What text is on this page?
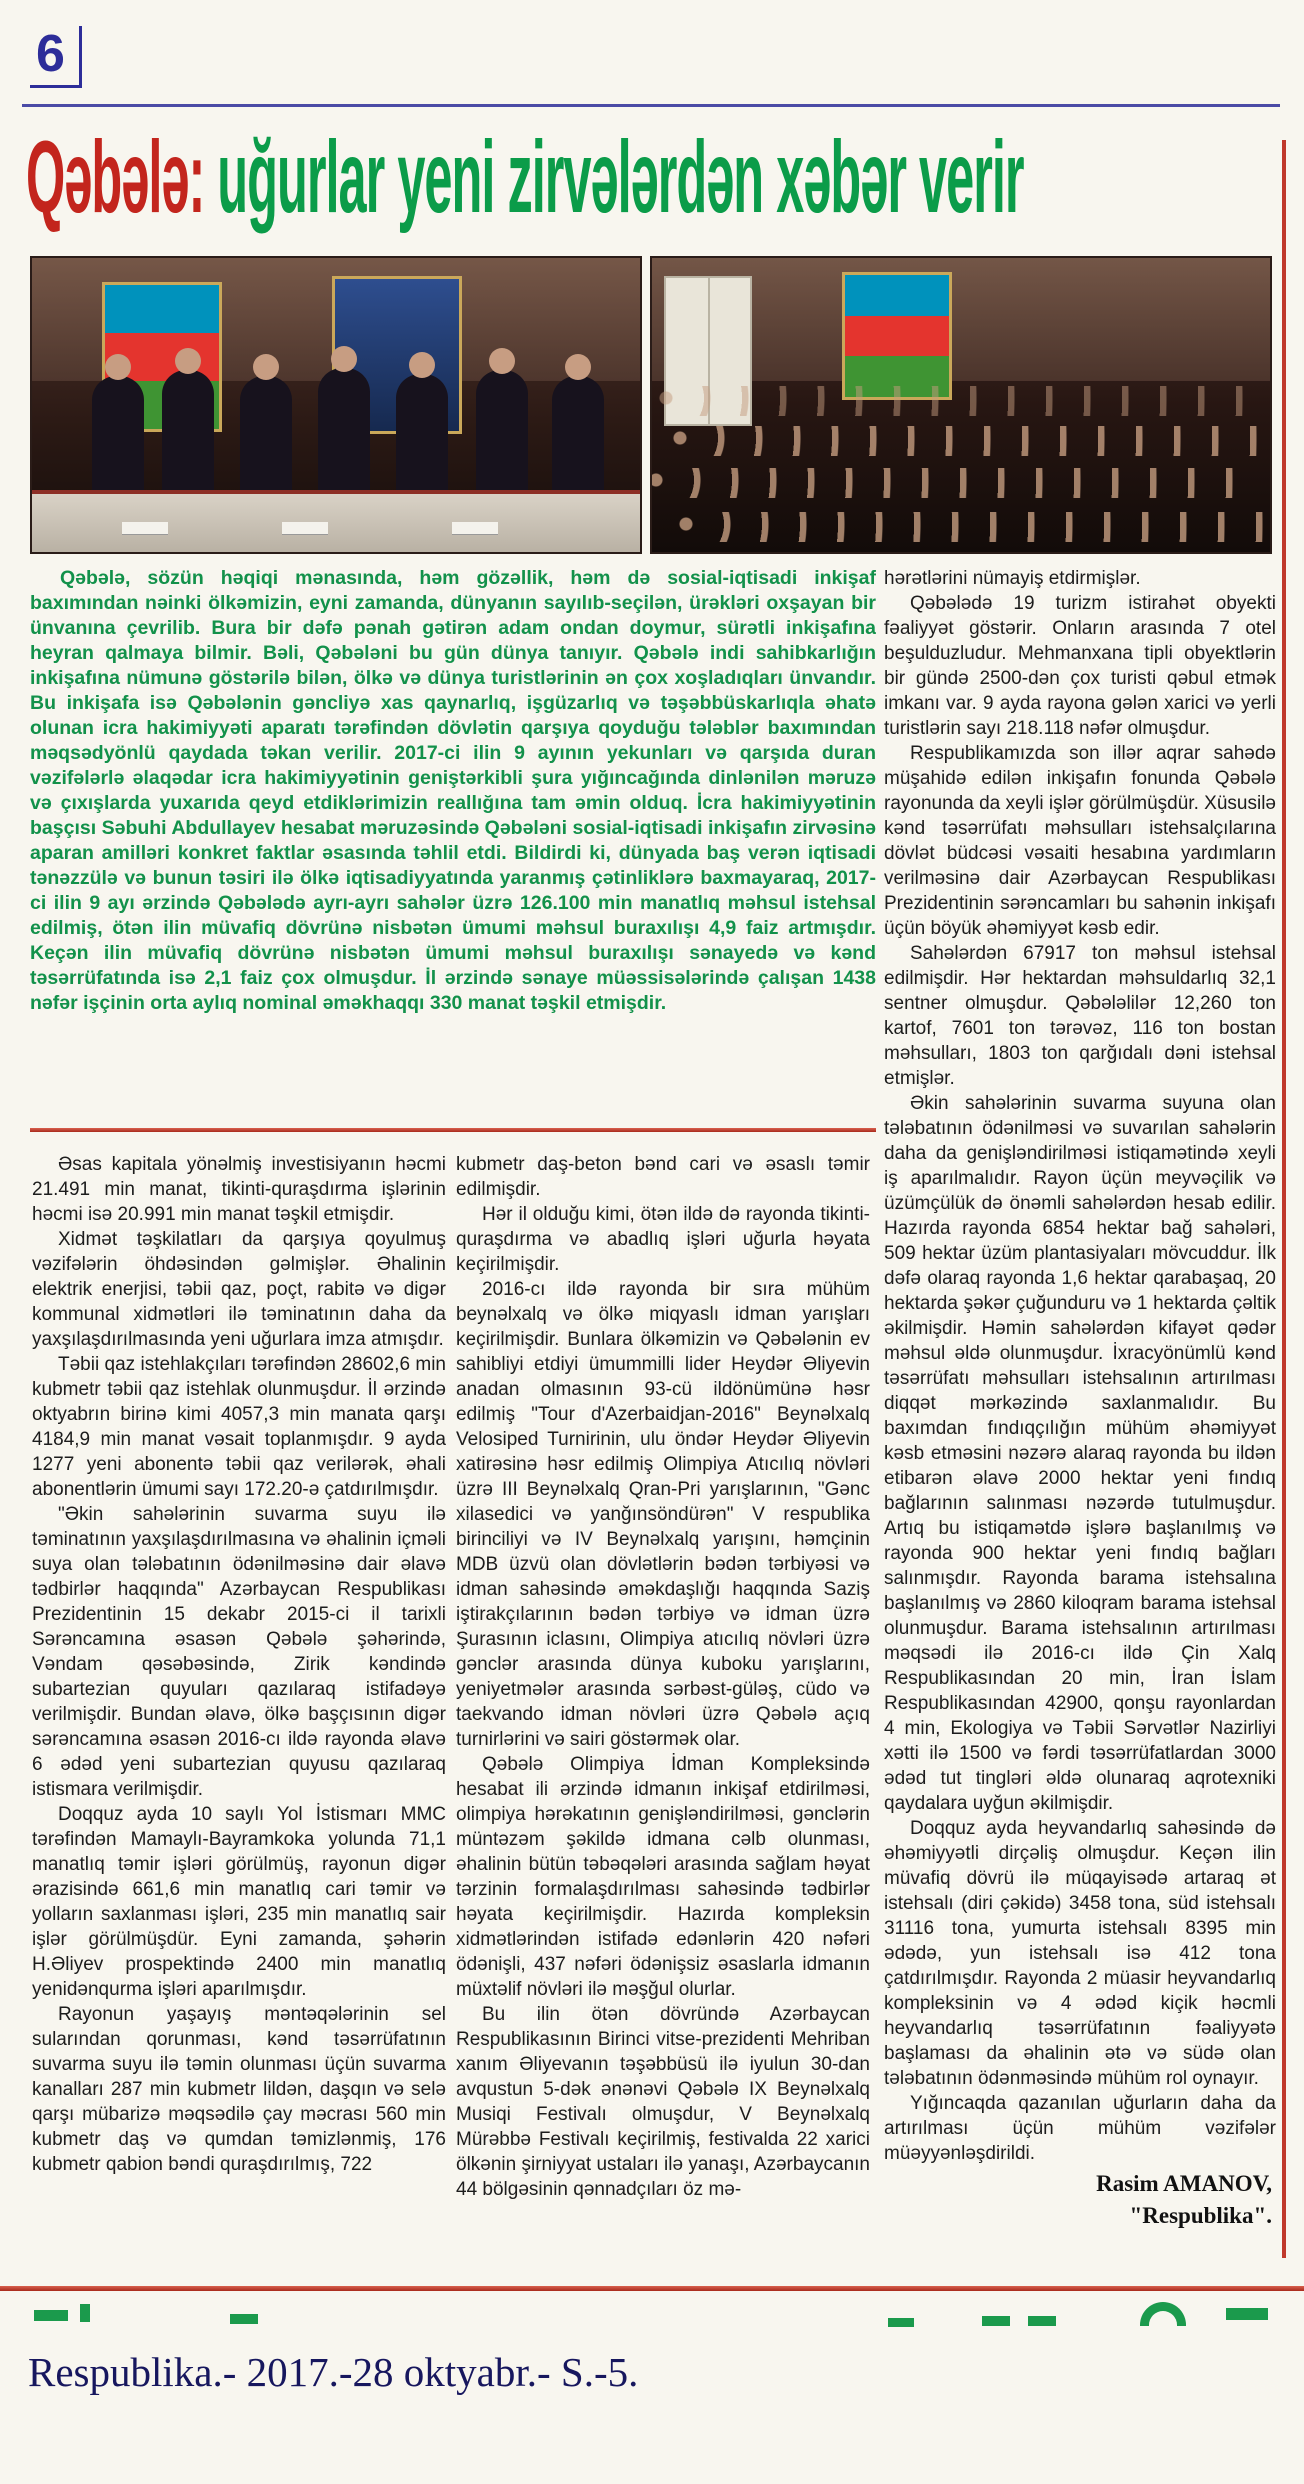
6
Qəbələ: uğurlar yeni zirvələrdən xəbər verir
Qəbələ, sözün həqiqi mənasında, həm gözəllik, həm də sosial-iqtisadi inkişaf baxımından nəinki ölkəmizin, eyni zamanda, dünyanın sayılıb-seçilən, ürəkləri oxşayan bir ünvanına çevrilib. Bura bir dəfə pənah gətirən adam ondan doymur, sürətli inkişafına heyran qalmaya bilmir. Bəli, Qəbələni bu gün dünya tanıyır. Qəbələ indi sahibkarlığın inkişafına nümunə göstərilə bilən, ölkə və dünya turistlərinin ən çox xoşladıqları ünvandır. Bu inkişafa isə Qəbələnin gəncliyə xas qaynarlıq, işgüzarlıq və təşəbbüskarlıqla əhatə olunan icra hakimiyyəti aparatı tərəfindən dövlətin qarşıya qoyduğu tələblər baxımından məqsədyönlü qaydada təkan verilir. 2017-ci ilin 9 ayının yekunları və qarşıda duran vəzifələrlə əlaqədar icra hakimiyyətinin geniştərkibli şura yığıncağında dinlənilən məruzə və çıxışlarda yuxarıda qeyd etdiklərimizin reallığına tam əmin olduq. İcra hakimiyyətinin başçısı Səbuhi Abdullayev hesabat məruzəsində Qəbələni sosial-iqtisadi inkişafın zirvəsinə aparan amilləri konkret faktlar əsasında təhlil etdi. Bildirdi ki, dünyada baş verən iqtisadi tənəzzülə və bunun təsiri ilə ölkə iqtisadiyyatında yaranmış çətinliklərə baxmayaraq, 2017-ci ilin 9 ayı ərzində Qəbələdə ayrı-ayrı sahələr üzrə 126.100 min manatlıq məhsul istehsal edilmiş, ötən ilin müvafiq dövrünə nisbətən ümumi məhsul buraxılışı 4,9 faiz artmışdır. Keçən ilin müvafiq dövrünə nisbətən ümumi məhsul buraxılışı sənayedə və kənd təsərrüfatında isə 2,1 faiz çox olmuşdur. İl ərzində sənaye müəssisələrində çalışan 1438 nəfər işçinin orta aylıq nominal əməkhaqqı 330 manat təşkil etmişdir.

Əsas kapitala yönəlmiş investisiyanın həcmi 21.491 min manat, tikinti-quraşdırma işlərinin həcmi isə 20.991 min manat təşkil etmişdir.

Xidmət təşkilatları da qarşıya qoyulmuş vəzifələrin öhdəsindən gəlmişlər. Əhalinin elektrik enerjisi, təbii qaz, poçt, rabitə və digər kommunal xidmətləri ilə təminatının daha da yaxşılaşdırılmasında yeni uğurlara imza atmışdır.

Təbii qaz istehlakçıları tərəfindən 28602,6 min kubmetr təbii qaz istehlak olunmuşdur. İl ərzində oktyabrın birinə kimi 4057,3 min manata qarşı 4184,9 min manat vəsait toplanmışdır. 9 ayda 1277 yeni abonentə təbii qaz verilərək, əhali abonentlərin ümumi sayı 172.20-ə çatdırılmışdır.

"Əkin sahələrinin suvarma suyu ilə təminatının yaxşılaşdırılmasına və əhalinin içməli suya olan tələbatının ödənilməsinə dair əlavə tədbirlər haqqında" Azərbaycan Respublikası Prezidentinin 15 dekabr 2015-ci il tarixli Sərəncamına əsasən Qəbələ şəhərində, Vəndam qəsəbəsində, Zirik kəndində subartezian quyuları qazılaraq istifadəyə verilmişdir. Bundan əlavə, ölkə başçısının digər sərəncamına əsasən 2016-cı ildə rayonda əlavə 6 ədəd yeni subartezian quyusu qazılaraq istismara verilmişdir.

Doqquz ayda 10 saylı Yol İstismarı MMC tərəfindən Mamaylı-Bayramkoka yolunda 71,1 manatlıq təmir işləri görülmüş, rayonun digər ərazisində 661,6 min manatlıq cari təmir və yolların saxlanması işləri, 235 min manatlıq sair işlər görülmüşdür. Eyni zamanda, şəhərin H.Əliyev prospektində 2400 min manatlıq yenidənqurma işləri aparılmışdır.

Rayonun yaşayış məntəqələrinin sel sularından qorunması, kənd təsərrüfatının suvarma suyu ilə təmin olunması üçün suvarma kanalları 287 min kubmetr lildən, daşqın və selə qarşı mübarizə məqsədilə çay məcrası 560 min kubmetr daş və qumdan təmizlənmiş, 176 kubmetr qabion bəndi quraşdırılmış, 722

kubmetr daş-beton bənd cari və əsaslı təmir edilmişdir.

Hər il olduğu kimi, ötən ildə də rayonda tikinti-quraşdırma və abadlıq işləri uğurla həyata keçirilmişdir.

2016-cı ildə rayonda bir sıra mühüm beynəlxalq və ölkə miqyaslı idman yarışları keçirilmişdir. Bunlara ölkəmizin və Qəbələnin ev sahibliyi etdiyi ümummilli lider Heydər Əliyevin anadan olmasının 93-cü ildönümünə həsr edilmiş "Tour d'Azerbaidjan-2016" Beynəlxalq Velosiped Turnirinin, ulu öndər Heydər Əliyevin xatirəsinə həsr edilmiş Olimpiya Atıcılıq növləri üzrə III Beynəlxalq Qran-Pri yarışlarının, "Gənc xilasedici və yanğınsöndürən" V respublika birinciliyi və IV Beynəlxalq yarışını, həmçinin MDB üzvü olan dövlətlərin bədən tərbiyəsi və idman sahəsində əməkdaşlığı haqqında Saziş iştirakçılarının bədən tərbiyə və idman üzrə Şurasının iclasını, Olimpiya atıcılıq növləri üzrə gənclər arasında dünya kuboku yarışlarını, yeniyetmələr arasında sərbəst-güləş, cüdo və taekvando idman növləri üzrə Qəbələ açıq turnirlərini və sairi göstərmək olar.

Qəbələ Olimpiya İdman Kompleksində hesabat ili ərzində idmanın inkişaf etdirilməsi, olimpiya hərəkatının genişləndirilməsi, gənclərin müntəzəm şəkildə idmana cəlb olunması, əhalinin bütün təbəqələri arasında sağlam həyat tərzinin formalaşdırılması sahəsində tədbirlər həyata keçirilmişdir. Hazırda kompleksin xidmətlərindən istifadə edənlərin 420 nəfəri ödənişli, 437 nəfəri ödənişsiz əsaslarla idmanın müxtəlif növləri ilə məşğul olurlar.

Bu ilin ötən dövründə Azərbaycan Respublikasının Birinci vitse-prezidenti Mehriban xanım Əliyevanın təşəbbüsü ilə iyulun 30-dan avqustun 5-dək ənənəvi Qəbələ IX Beynəlxalq Musiqi Festivalı olmuşdur, V Beynəlxalq Mürəbbə Festivalı keçirilmiş, festivalda 22 xarici ölkənin şirniyyat ustaları ilə yanaşı, Azərbaycanın 44 bölgəsinin qənnadçıları öz mə-

hərətlərini nümayiş etdirmişlər.

Qəbələdə 19 turizm istirahət obyekti fəaliyyət göstərir. Onların arasında 7 otel beşulduzludur. Mehmanxana tipli obyektlərin bir gündə 2500-dən çox turisti qəbul etmək imkanı var. 9 ayda rayona gələn xarici və yerli turistlərin sayı 218.118 nəfər olmuşdur.

Respublikamızda son illər aqrar sahədə müşahidə edilən inkişafın fonunda Qəbələ rayonunda da xeyli işlər görülmüşdür. Xüsusilə kənd təsərrüfatı məhsulları istehsalçılarına dövlət büdcəsi vəsaiti hesabına yardımların verilməsinə dair Azərbaycan Respublikası Prezidentinin sərəncamları bu sahənin inkişafı üçün böyük əhəmiyyət kəsb edir.

Sahələrdən 67917 ton məhsul istehsal edilmişdir. Hər hektardan məhsuldarlıq 32,1 sentner olmuşdur. Qəbələlilər 12,260 ton kartof, 7601 ton tərəvəz, 116 ton bostan məhsulları, 1803 ton qarğıdalı dəni istehsal etmişlər.

Əkin sahələrinin suvarma suyuna olan tələbatının ödənilməsi və suvarılan sahələrin daha da genişləndirilməsi istiqamətində xeyli iş aparılmalıdır. Rayon üçün meyvəçilik və üzümçülük də önəmli sahələrdən hesab edilir. Hazırda rayonda 6854 hektar bağ sahələri, 509 hektar üzüm plantasiyaları mövcuddur. İlk dəfə olaraq rayonda 1,6 hektar qarabaşaq, 20 hektarda şəkər çuğunduru və 1 hektarda çəltik əkilmişdir. Həmin sahələrdən kifayət qədər məhsul əldə olunmuşdur. İxracyönümlü kənd təsərrüfatı məhsulları istehsalının artırılması diqqət mərkəzində saxlanmalıdır. Bu baxımdan fındıqçılığın mühüm əhəmiyyət kəsb etməsini nəzərə alaraq rayonda bu ildən etibarən əlavə 2000 hektar yeni fındıq bağlarının salınması nəzərdə tutulmuşdur. Artıq bu istiqamətdə işlərə başlanılmış və rayonda 900 hektar yeni fındıq bağları salınmışdır. Rayonda barama istehsalına başlanılmış və 2860 kiloqram barama istehsal olunmuşdur. Barama istehsalının artırılması məqsədi ilə 2016-cı ildə Çin Xalq Respublikasından 20 min, İran İslam Respublikasından 42900, qonşu rayonlardan 4 min, Ekologiya və Təbii Sərvətlər Nazirliyi xətti ilə 1500 və fərdi təsərrüfatlardan 3000 ədəd tut tingləri əldə olunaraq aqrotexniki qaydalara uyğun əkilmişdir.

Doqquz ayda heyvandarlıq sahəsində də əhəmiyyətli dirçəliş olmuşdur. Keçən ilin müvafiq dövrü ilə müqayisədə artaraq ət istehsalı (diri çəkidə) 3458 tona, süd istehsalı 31116 tona, yumurta istehsalı 8395 min ədədə, yun istehsalı isə 412 tona çatdırılmışdır. Rayonda 2 müasir heyvandarlıq kompleksinin və 4 ədəd kiçik həcmli heyvandarlıq təsərrüfatının fəaliyyətə başlaması da əhalinin ətə və südə olan tələbatının ödənməsində mühüm rol oynayır.

Yığıncaqda qazanılan uğurların daha da artırılması üçün mühüm vəzifələr müəyyənləşdirildi.

Rasim AMANOV,
"Respublika".
Respublika.- 2017.-28 oktyabr.- S.-5.
